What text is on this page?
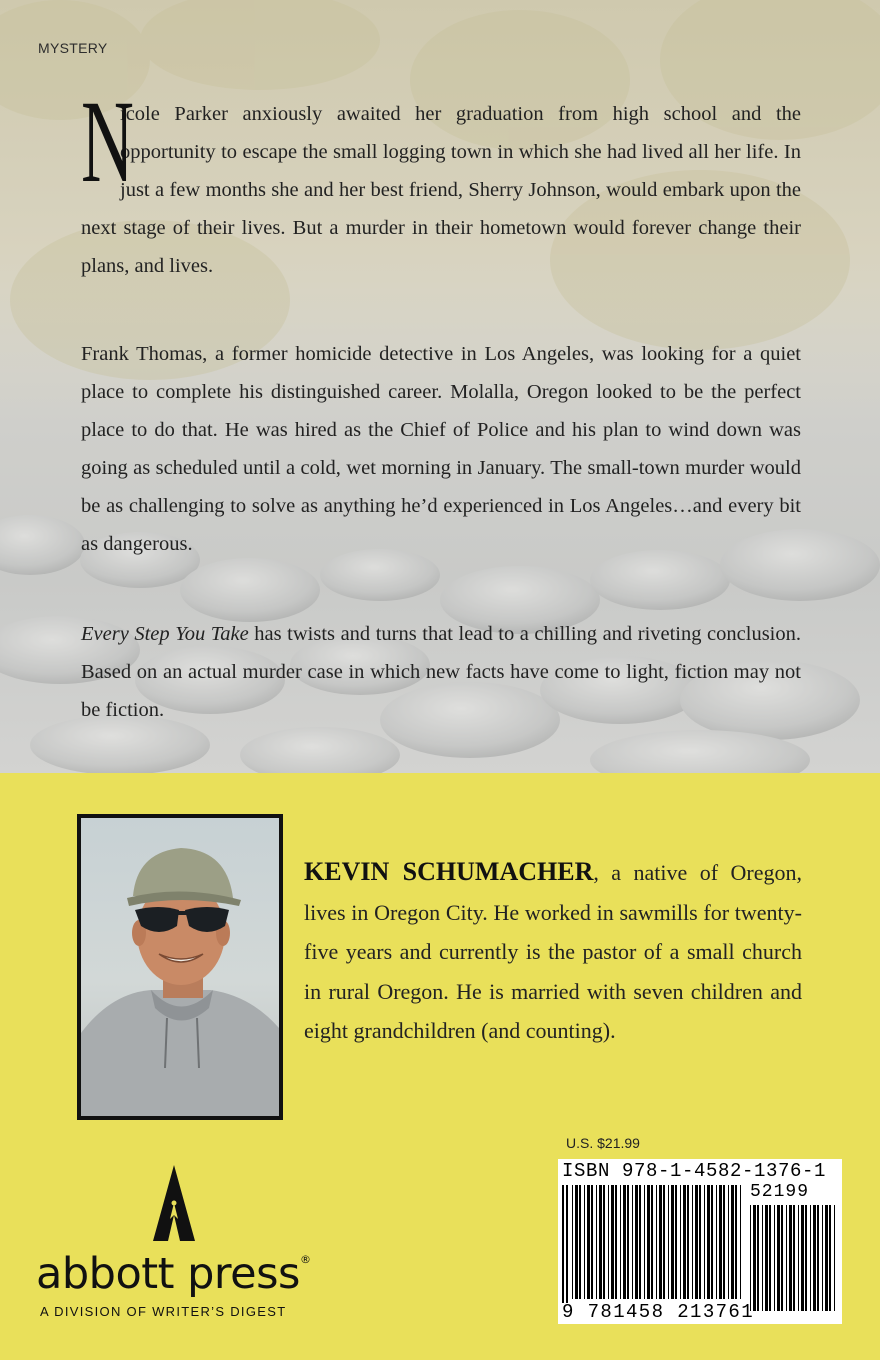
MYSTERY
N
icole Parker anxiously awaited her graduation from high school and the opportunity to escape the small logging town in which she had lived all her life. In just a few months she and her best friend, Sherry Johnson, would embark upon the next stage of their lives. But a murder in their hometown would forever change their plans, and lives.
Frank Thomas, a former homicide detective in Los Angeles, was looking for a quiet place to complete his distinguished career. Molalla, Oregon looked to be the perfect place to do that. He was hired as the Chief of Police and his plan to wind down was going as scheduled until a cold, wet morning in January. The small-town murder would be as challenging to solve as anything he’d experienced in Los Angeles…and every bit as dangerous.
Every Step You Take has twists and turns that lead to a chilling and riveting conclusion. Based on an actual murder case in which new facts have come to light, fiction may not be fiction.
KEVIN SCHUMACHER, a native of Oregon, lives in Oregon City. He worked in sawmills for twenty-five years and currently is the pastor of a small church in rural Oregon. He is married with seven children and eight grandchildren (and counting).
abbott press®
A DIVISION OF WRITER’S DIGEST
U.S. $21.99
ISBN 978-1-4582-1376-1
52199
9 781458 213761
